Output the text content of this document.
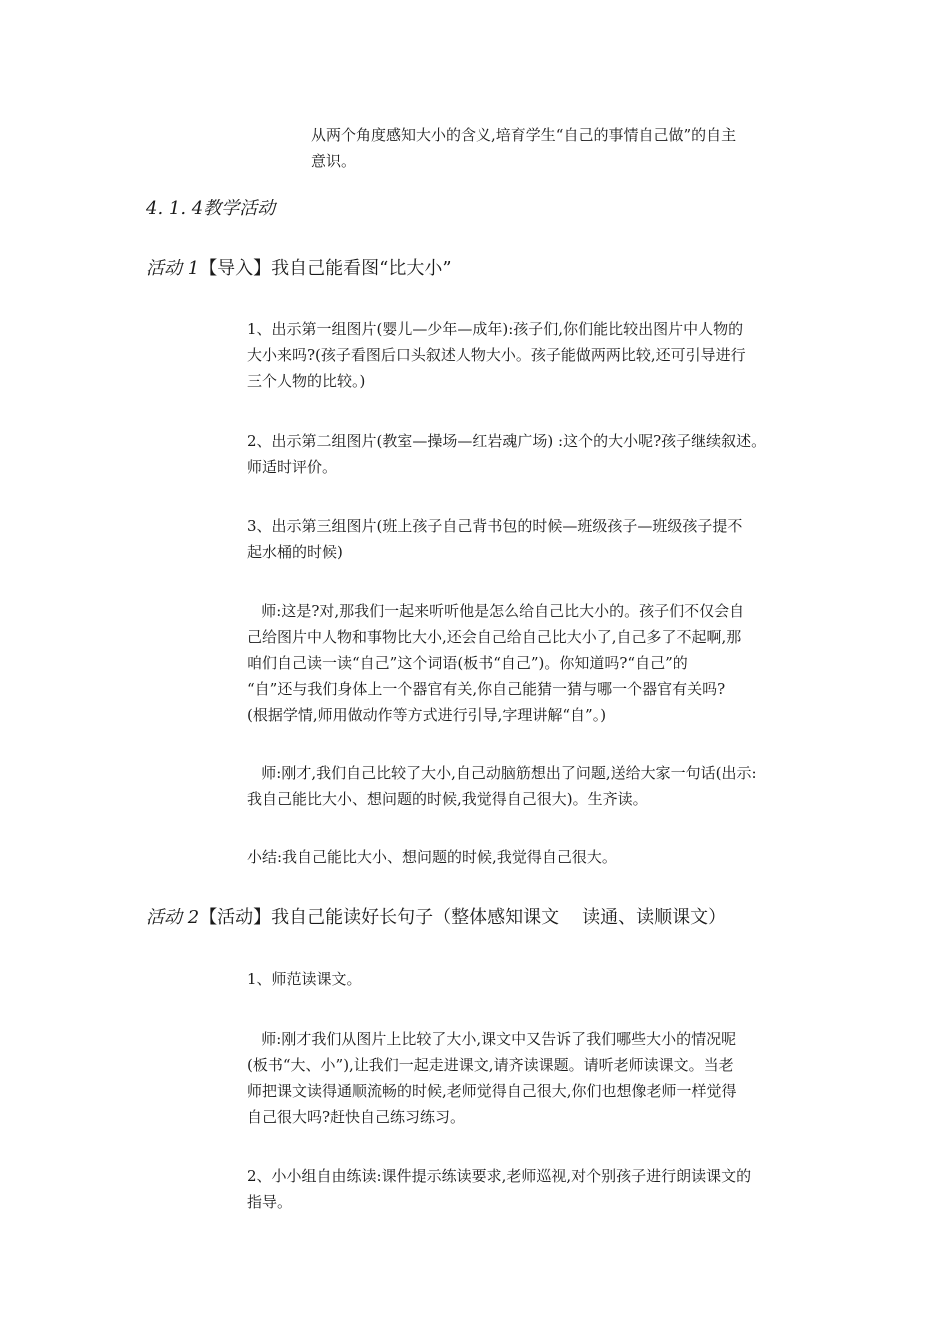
从两个角度感知大小的含义,培育学生“自己的事情自己做”的自主
意识。
4. 1. 4教学活动
活动 1【导入】我自己能看图“比大小”
1、出示第一组图片(婴儿—少年—成年):孩子们,你们能比较出图片中人物的
大小来吗?(孩子看图后口头叙述人物大小。孩子能做两两比较,还可引导进行
三个人物的比较。)
2、出示第二组图片(教室—操场—红岩魂广场) :这个的大小呢?孩子继续叙述。
师适时评价。
3、出示第三组图片(班上孩子自己背书包的时候—班级孩子—班级孩子提不
起水桶的时候)
师:这是?对,那我们一起来听听他是怎么给自己比大小的。孩子们不仅会自
己给图片中人物和事物比大小,还会自己给自己比大小了,自己多了不起啊,那
咱们自己读一读“自己”这个词语(板书“自己”)。你知道吗?“自己”的
“自”还与我们身体上一个器官有关,你自己能猜一猜与哪一个器官有关吗?
(根据学情,师用做动作等方式进行引导,字理讲解“自”。)
师:刚才,我们自己比较了大小,自己动脑筋想出了问题,送给大家一句话(出示:
我自己能比大小、想问题的时候,我觉得自己很大)。生齐读。
小结:我自己能比大小、想问题的时候,我觉得自己很大。
活动 2【活动】我自己能读好长句子（整体感知课文    读通、读顺课文）
1、师范读课文。
师:刚才我们从图片上比较了大小,课文中又告诉了我们哪些大小的情况呢
(板书“大、小”),让我们一起走进课文,请齐读课题。请听老师读课文。当老
师把课文读得通顺流畅的时候,老师觉得自己很大,你们也想像老师一样觉得
自己很大吗?赶快自己练习练习。
2、小小组自由练读:课件提示练读要求,老师巡视,对个别孩子进行朗读课文的
指导。
